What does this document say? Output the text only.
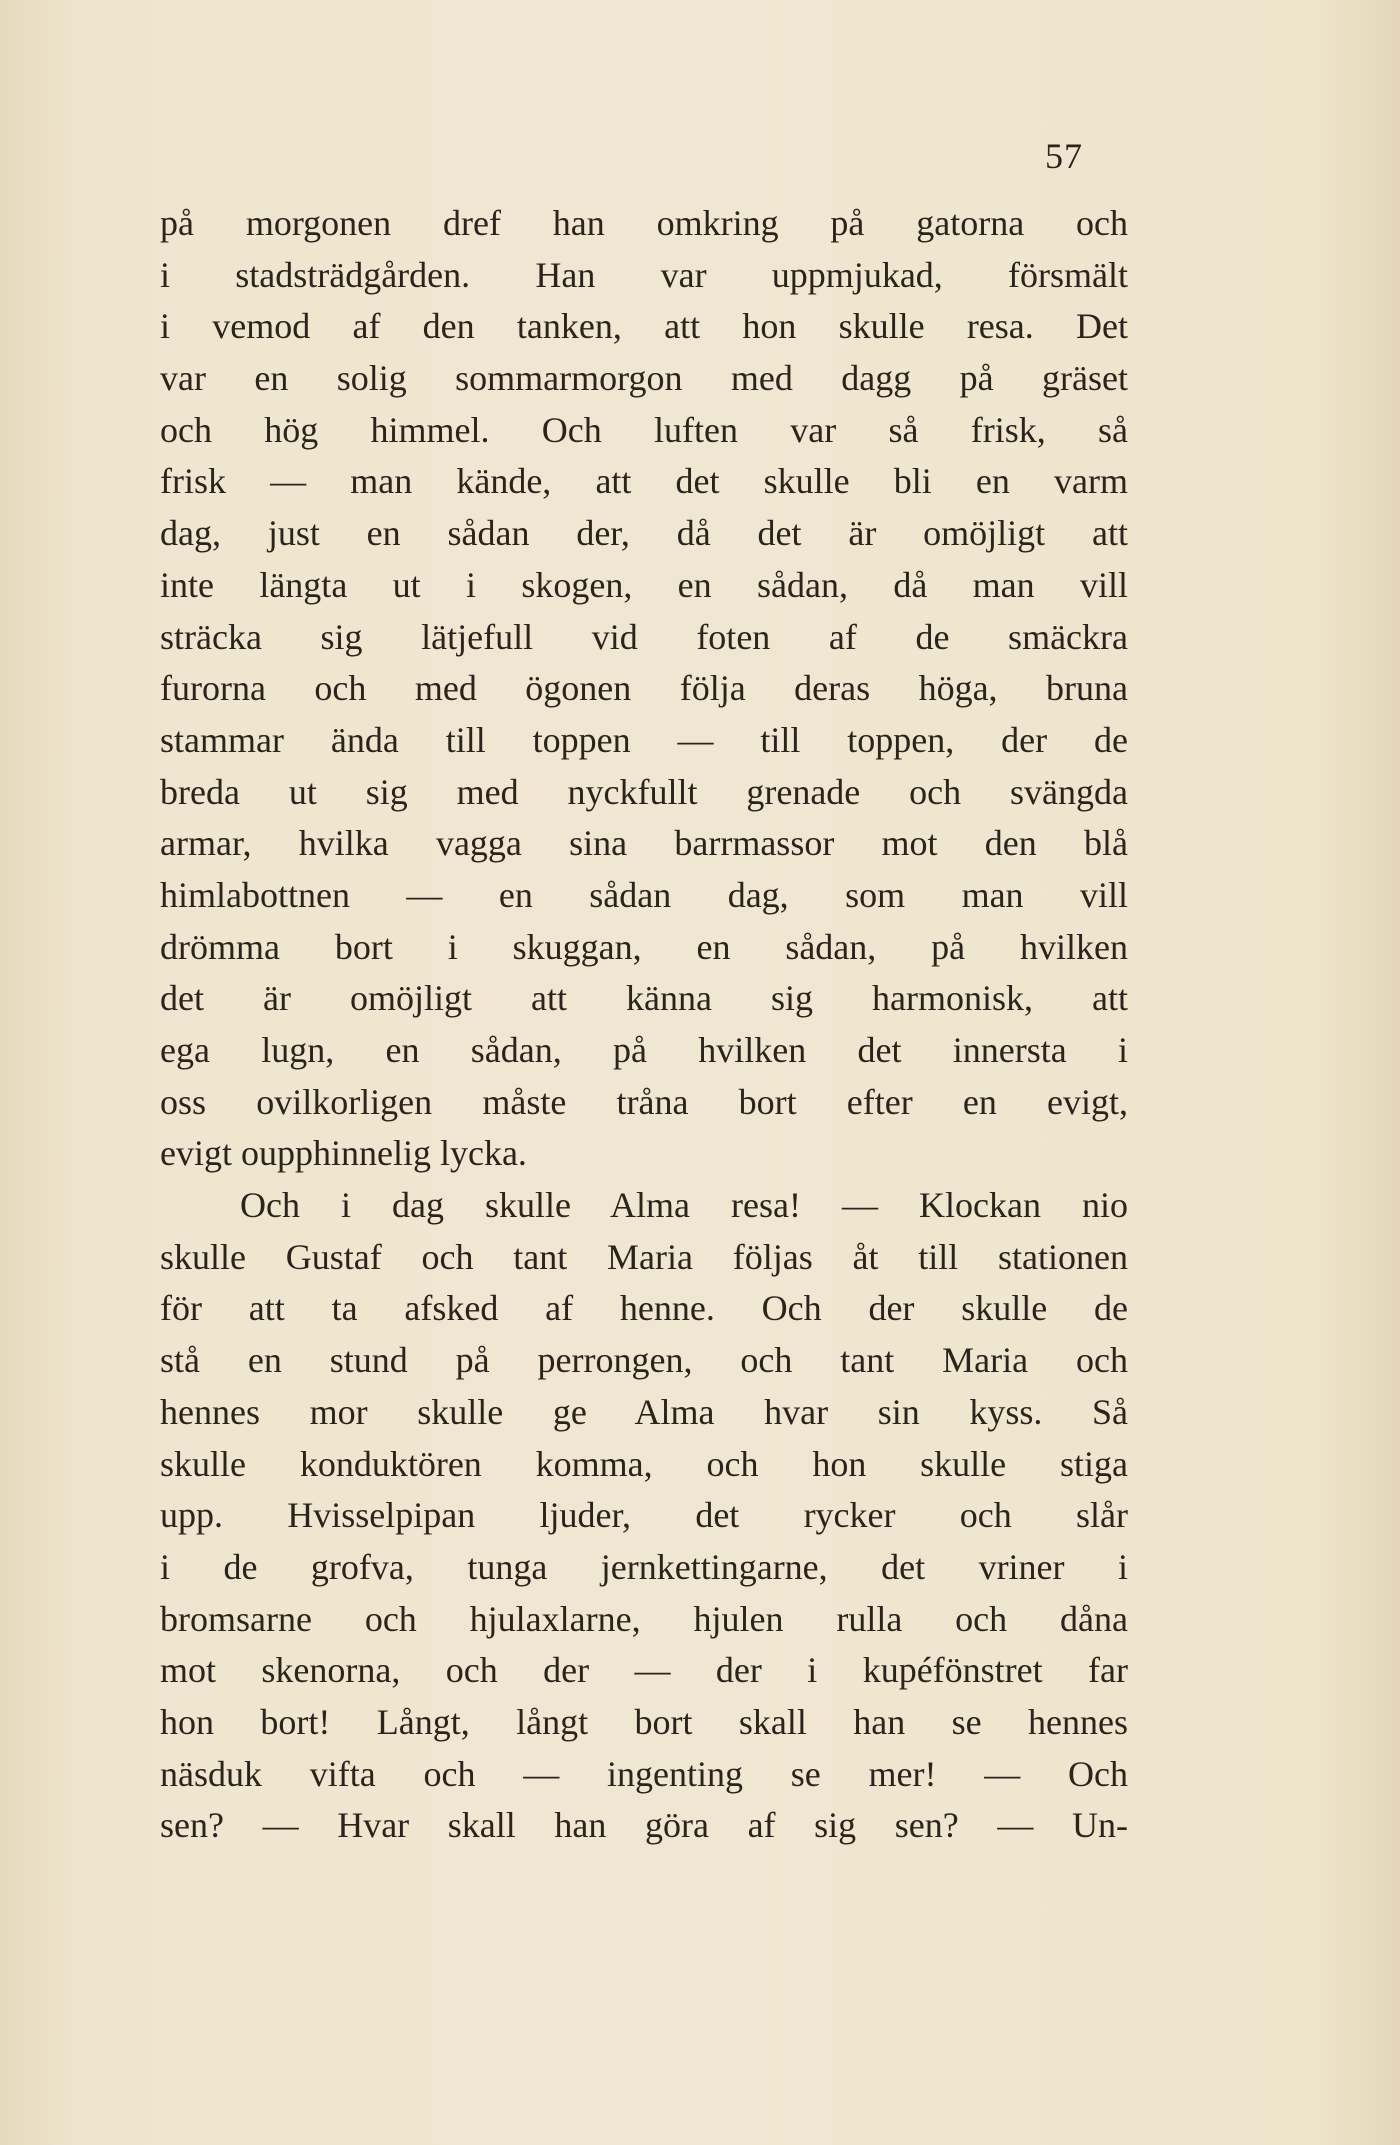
57
på morgonen dref han omkring på gatorna och
i stadsträdgården. Han var uppmjukad, försmält
i vemod af den tanken, att hon skulle resa. Det
var en solig sommarmorgon med dagg på gräset
och hög himmel. Och luften var så frisk, så
frisk — man kände, att det skulle bli en varm
dag, just en sådan der, då det är omöjligt att
inte längta ut i skogen, en sådan, då man vill
sträcka sig lätjefull vid foten af de smäckra
furorna och med ögonen följa deras höga, bruna
stammar ända till toppen — till toppen, der de
breda ut sig med nyckfullt grenade och svängda
armar, hvilka vagga sina barrmassor mot den blå
himlabottnen — en sådan dag, som man vill
drömma bort i skuggan, en sådan, på hvilken
det är omöjligt att känna sig harmonisk, att
ega lugn, en sådan, på hvilken det innersta i
oss ovilkorligen måste tråna bort efter en evigt,
evigt oupphinnelig lycka.
Och i dag skulle Alma resa! — Klockan nio
skulle Gustaf och tant Maria följas åt till stationen
för att ta afsked af henne. Och der skulle de
stå en stund på perrongen, och tant Maria och
hennes mor skulle ge Alma hvar sin kyss. Så
skulle konduktören komma, och hon skulle stiga
upp. Hvisselpipan ljuder, det rycker och slår
i de grofva, tunga jernkettingarne, det vriner i
bromsarne och hjulaxlarne, hjulen rulla och dåna
mot skenorna, och der — der i kupéfönstret far
hon bort! Långt, långt bort skall han se hennes
näsduk vifta och — ingenting se mer! — Och
sen? — Hvar skall han göra af sig sen? — Un-
